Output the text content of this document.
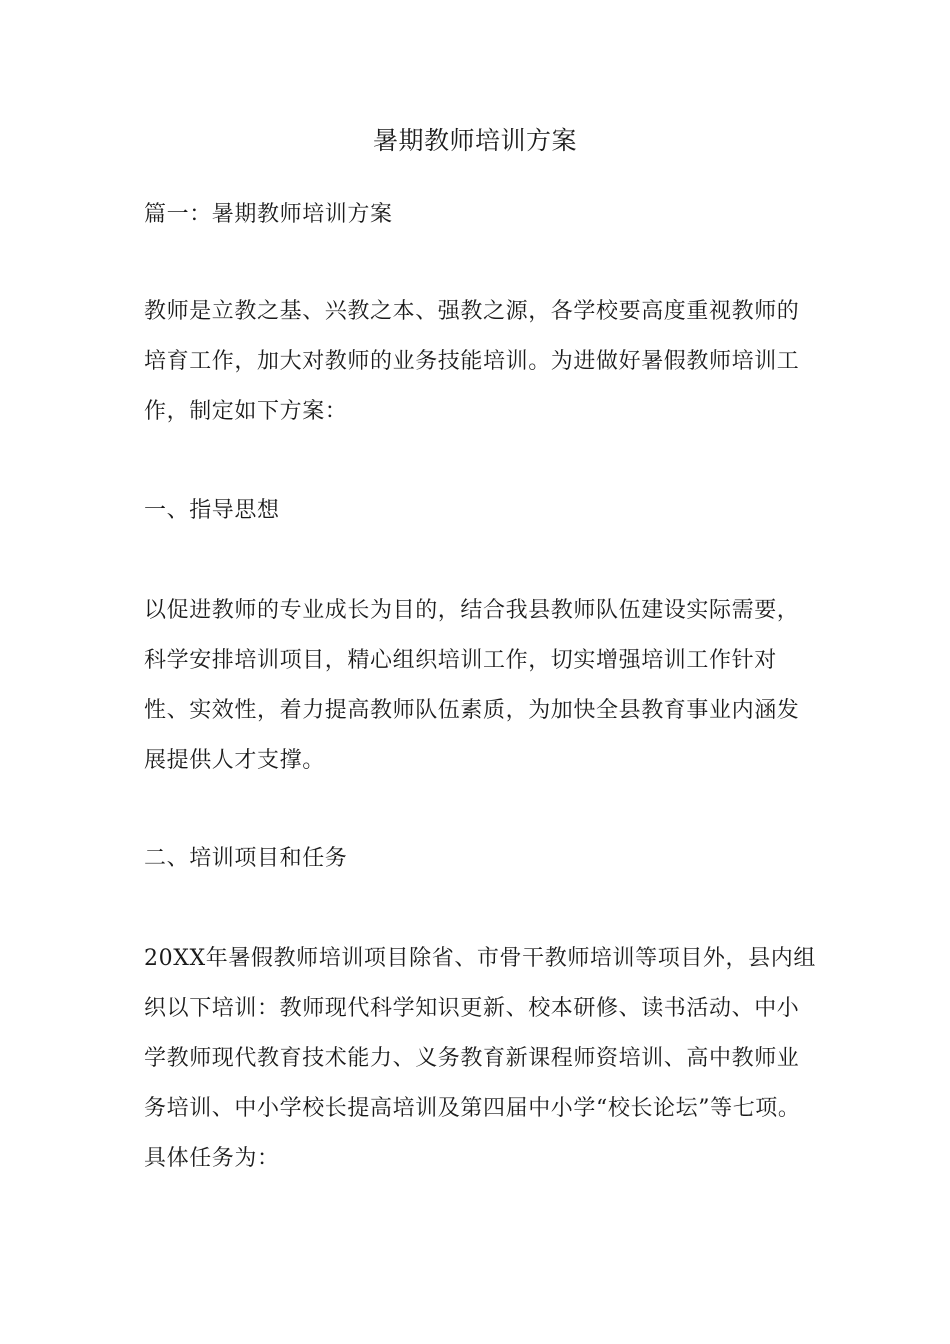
暑期教师培训方案

篇一：暑期教师培训方案

教师是立教之基、兴教之本、强教之源，各学校要高度重视教师的培育工作，加大对教师的业务技能培训。为进做好暑假教师培训工作，制定如下方案：

一、指导思想

以促进教师的专业成长为目的，结合我县教师队伍建设实际需要，科学安排培训项目，精心组织培训工作，切实增强培训工作针对性、实效性，着力提高教师队伍素质，为加快全县教育事业内涵发展提供人才支撑。

二、培训项目和任务

20XX年暑假教师培训项目除省、市骨干教师培训等项目外，县内组织以下培训：教师现代科学知识更新、校本研修、读书活动、中小学教师现代教育技术能力、义务教育新课程师资培训、高中教师业务培训、中小学校长提高培训及第四届中小学“校长论坛”等七项。具体任务为：
